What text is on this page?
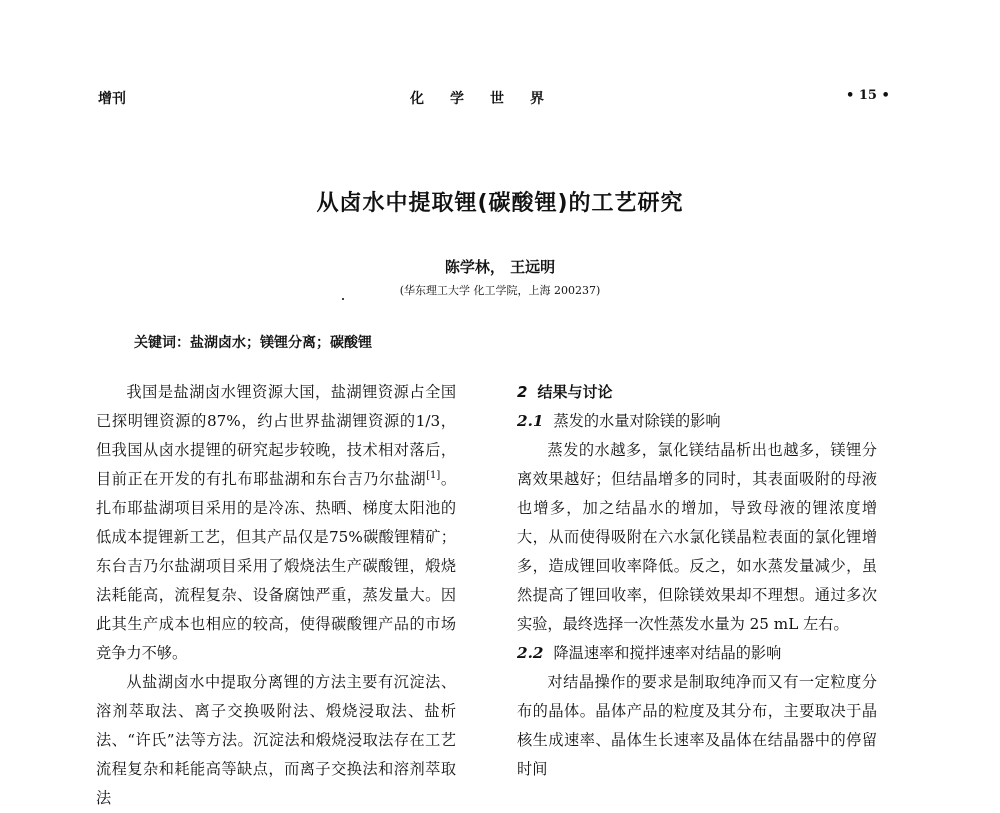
增刊	化学世界	• 15 •
从卤水中提取锂(碳酸锂)的工艺研究
陈学林， 王远明
(华东理工大学 化工学院，上海 200237)
关键词：盐湖卤水；镁锂分离；碳酸锂

我国是盐湖卤水锂资源大国，盐湖锂资源占全国已探明锂资源的87%，约占世界盐湖锂资源的1/3，但我国从卤水提锂的研究起步较晚，技术相对落后，目前正在开发的有扎布耶盐湖和东台吉乃尔盐湖[1]。扎布耶盐湖项目采用的是冷冻、热晒、梯度太阳池的低成本提锂新工艺，但其产品仅是75%碳酸锂精矿；东台吉乃尔盐湖项目采用了煅烧法生产碳酸锂，煅烧法耗能高，流程复杂、设备腐蚀严重，蒸发量大。因此其生产成本也相应的较高，使得碳酸锂产品的市场竞争力不够。

从盐湖卤水中提取分离锂的方法主要有沉淀法、溶剂萃取法、离子交换吸附法、煅烧浸取法、盐析法、“许氏”法等方法。沉淀法和煅烧浸取法存在工艺流程复杂和耗能高等缺点，而离子交换法和溶剂萃取法

2 结果与讨论

2.1 蒸发的水量对除镁的影响

蒸发的水越多，氯化镁结晶析出也越多，镁锂分离效果越好；但结晶增多的同时，其表面吸附的母液也增多，加之结晶水的增加，导致母液的锂浓度增大，从而使得吸附在六水氯化镁晶粒表面的氯化锂增多，造成锂回收率降低。反之，如水蒸发量减少，虽然提高了锂回收率，但除镁效果却不理想。通过多次实验，最终选择一次性蒸发水量为 25 mL 左右。

2.2 降温速率和搅拌速率对结晶的影响

对结晶操作的要求是制取纯净而又有一定粒度分布的晶体。晶体产品的粒度及其分布，主要取决于晶核生成速率、晶体生长速率及晶体在结晶器中的停留时间
